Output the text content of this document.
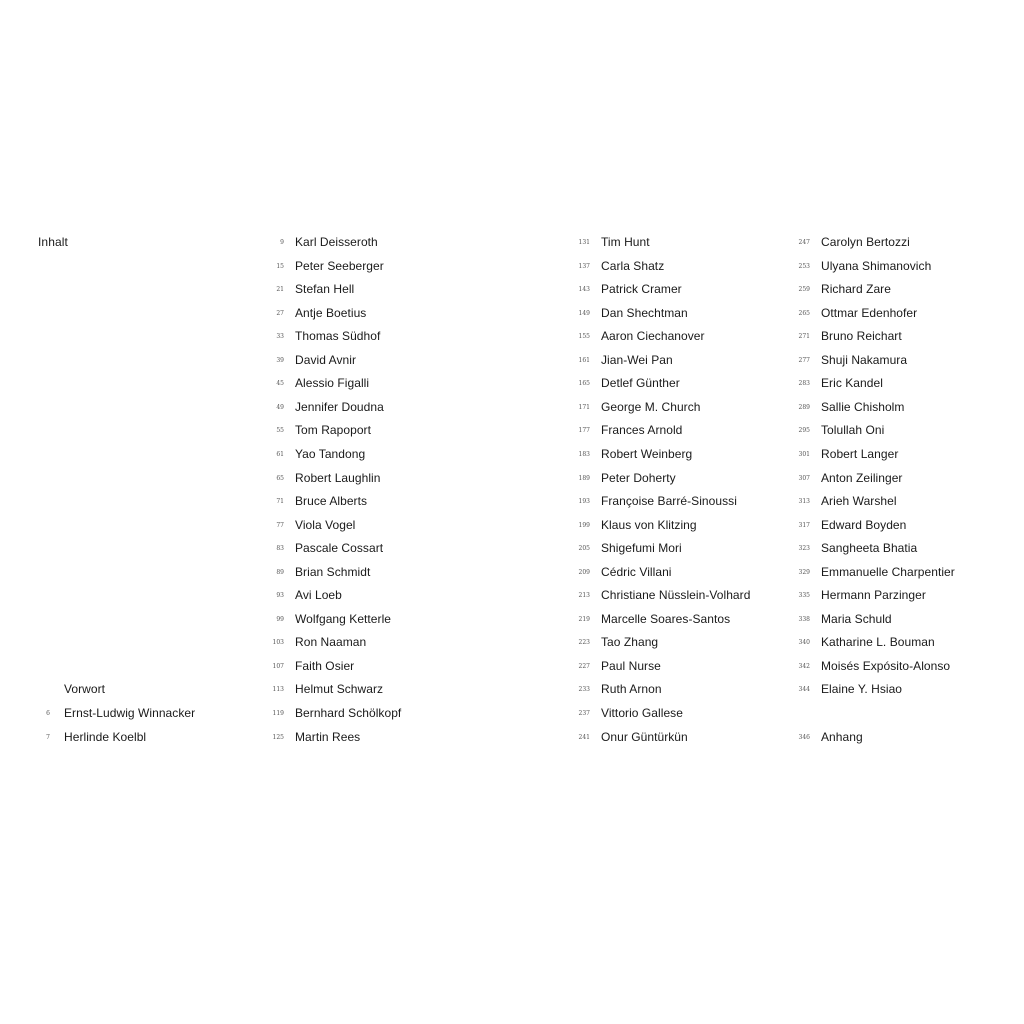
Inhalt
Vorwort
6 Ernst-Ludwig Winnacker
7 Herlinde Koelbl
9 Karl Deisseroth
15 Peter Seeberger
21 Stefan Hell
27 Antje Boetius
33 Thomas Südhof
39 David Avnir
45 Alessio Figalli
49 Jennifer Doudna
55 Tom Rapoport
61 Yao Tandong
65 Robert Laughlin
71 Bruce Alberts
77 Viola Vogel
83 Pascale Cossart
89 Brian Schmidt
93 Avi Loeb
99 Wolfgang Ketterle
103 Ron Naaman
107 Faith Osier
113 Helmut Schwarz
119 Bernhard Schölkopf
125 Martin Rees
131 Tim Hunt
137 Carla Shatz
143 Patrick Cramer
149 Dan Shechtman
155 Aaron Ciechanover
161 Jian-Wei Pan
165 Detlef Günther
171 George M. Church
177 Frances Arnold
183 Robert Weinberg
189 Peter Doherty
193 Françoise Barré-Sinoussi
199 Klaus von Klitzing
205 Shigefumi Mori
209 Cédric Villani
213 Christiane Nüsslein-Volhard
219 Marcelle Soares-Santos
223 Tao Zhang
227 Paul Nurse
233 Ruth Arnon
237 Vittorio Gallese
241 Onur Güntürkün
247 Carolyn Bertozzi
253 Ulyana Shimanovich
259 Richard Zare
265 Ottmar Edenhofer
271 Bruno Reichart
277 Shuji Nakamura
283 Eric Kandel
289 Sallie Chisholm
295 Tolullah Oni
301 Robert Langer
307 Anton Zeilinger
313 Arieh Warshel
317 Edward Boyden
323 Sangheeta Bhatia
329 Emmanuelle Charpentier
335 Hermann Parzinger
338 Maria Schuld
340 Katharine L. Bouman
342 Moisés Expósito-Alonso
344 Elaine Y. Hsiao
346 Anhang
